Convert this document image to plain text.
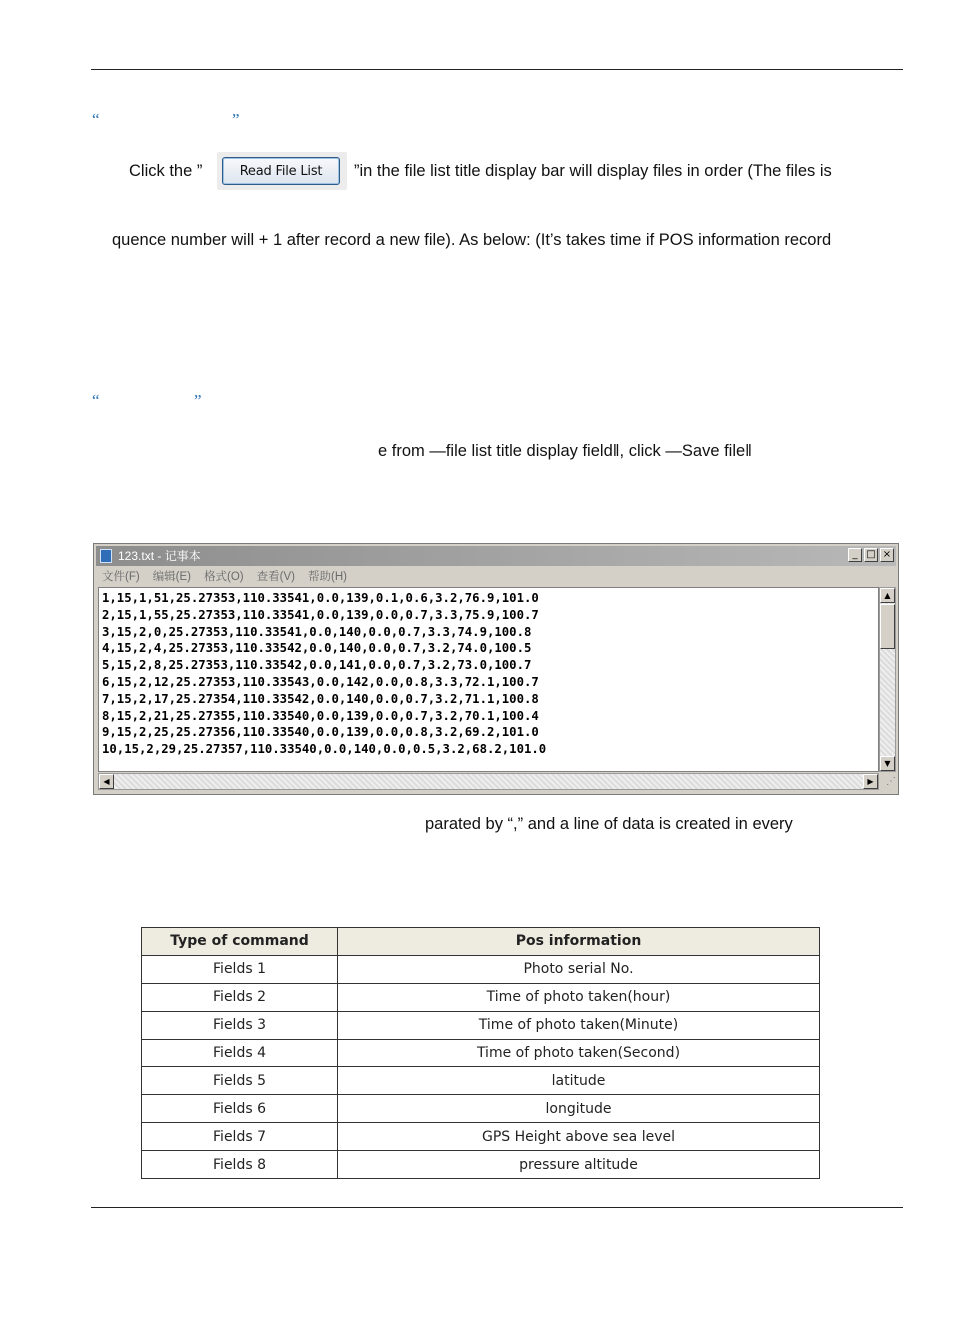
“	”
Click the ”	Read File List	”in the file list title display bar will display files in order (The files is
quence number will + 1 after record a new file). As below: (It’s takes time if POS information record
“	”
e from ―file list title display field‖, click ―Save file‖
123.txt - 记事本	_ □ ×
文件(F) 编辑(E) 格式(O) 查看(V) 帮助(H)
1,15,1,51,25.27353,110.33541,0.0,139,0.1,0.6,3.2,76.9,101.0
2,15,1,55,25.27353,110.33541,0.0,139,0.0,0.7,3.3,75.9,100.7
3,15,2,0,25.27353,110.33541,0.0,140,0.0,0.7,3.3,74.9,100.8
4,15,2,4,25.27353,110.33542,0.0,140,0.0,0.7,3.2,74.0,100.5
5,15,2,8,25.27353,110.33542,0.0,141,0.0,0.7,3.2,73.0,100.7
6,15,2,12,25.27353,110.33543,0.0,142,0.0,0.8,3.3,72.1,100.7
7,15,2,17,25.27354,110.33542,0.0,140,0.0,0.7,3.2,71.1,100.8
8,15,2,21,25.27355,110.33540,0.0,139,0.0,0.7,3.2,70.1,100.4
9,15,2,25,25.27356,110.33540,0.0,139,0.0,0.8,3.2,69.2,101.0
10,15,2,29,25.27357,110.33540,0.0,140,0.0,0.5,3.2,68.2,101.0
▲
▼
◀	▶	⋰
parated by “,” and a line of data is created in every
Type of command	Pos information
Fields 1	Photo serial No.
Fields 2	Time of photo taken(hour)
Fields 3	Time of photo taken(Minute)
Fields 4	Time of photo taken(Second)
Fields 5	latitude
Fields 6	longitude
Fields 7	GPS Height above sea level
Fields 8	pressure altitude
